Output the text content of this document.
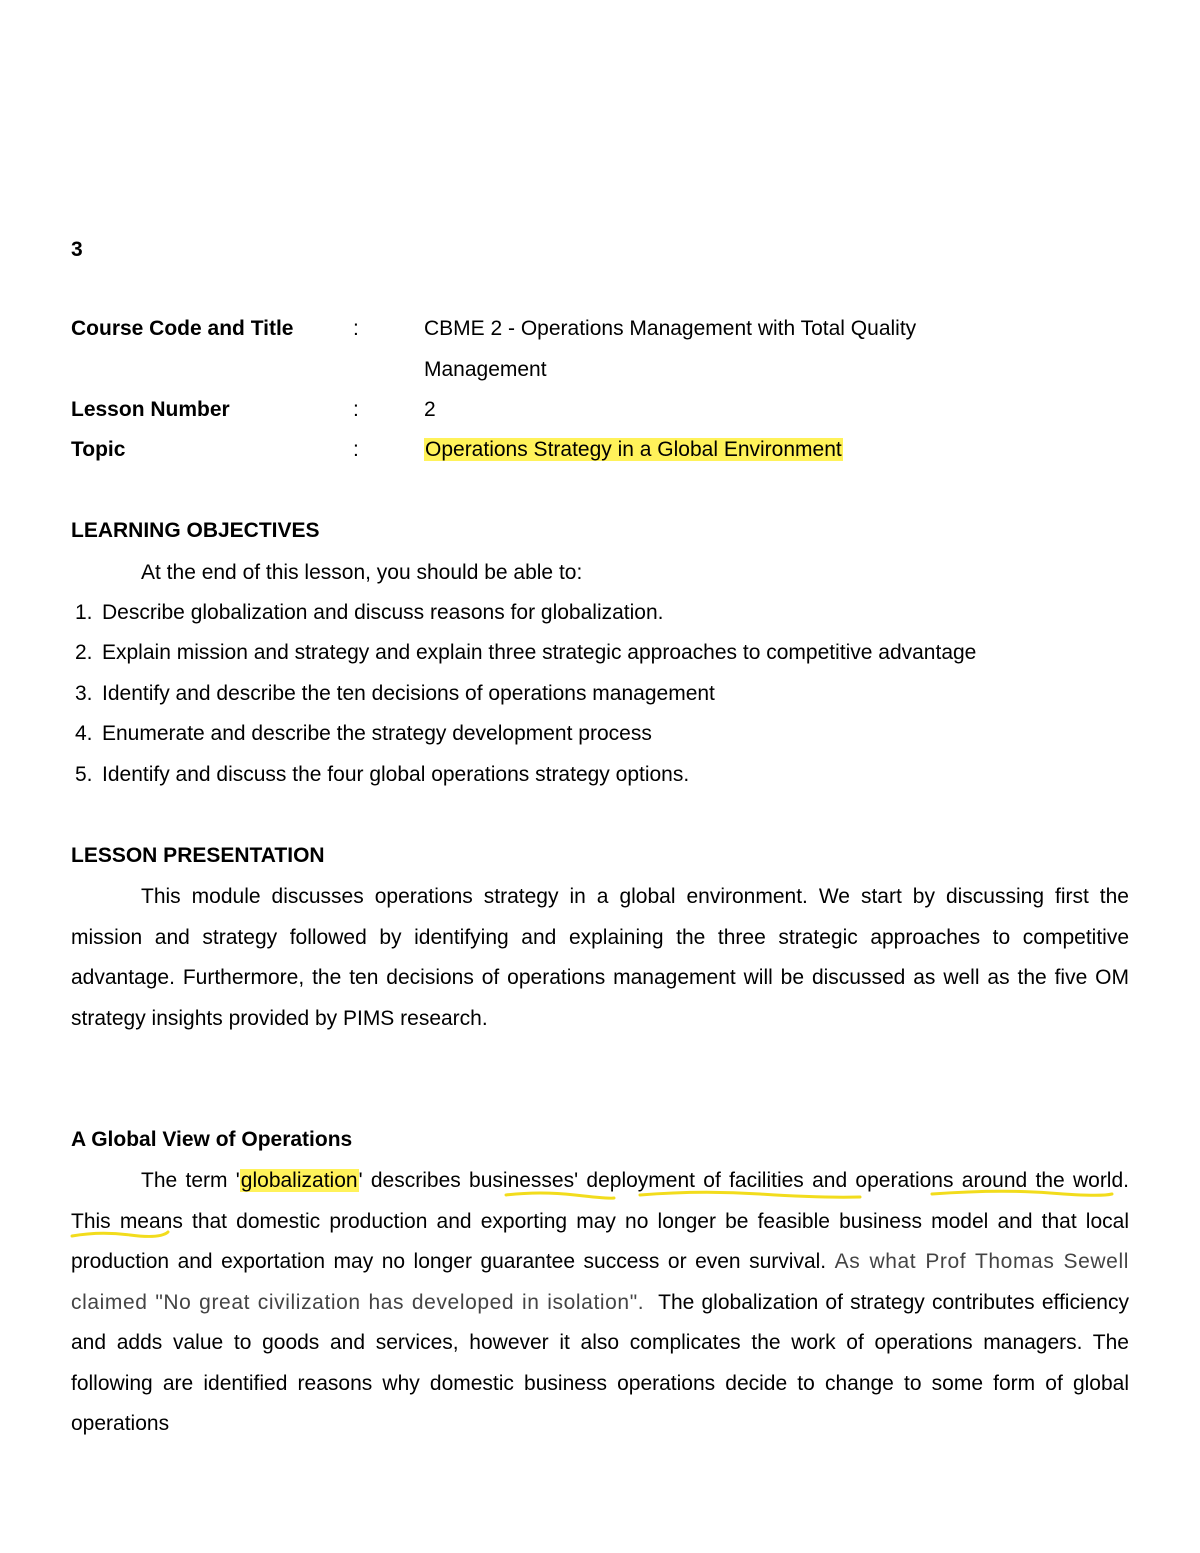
3
Course Code and Title	:	CBME 2 - Operations Management with Total Quality
Management
Lesson Number	:	2
Topic	:	Operations Strategy in a Global Environment
LEARNING OBJECTIVES
At the end of this lesson, you should be able to:
1. Describe globalization and discuss reasons for globalization.
2. Explain mission and strategy and explain three strategic approaches to competitive advantage
3. Identify and describe the ten decisions of operations management
4. Enumerate and describe the strategy development process
5. Identify and discuss the four global operations strategy options.
LESSON PRESENTATION

This module discusses operations strategy in a global environment. We start by discussing first the mission and strategy followed by identifying and explaining the three strategic approaches to competitive advantage. Furthermore, the ten decisions of operations management will be discussed as well as the five OM strategy insights provided by PIMS research.

A Global View of Operations

The term 'globalization' describes businesses' deployment of facilities and operations around the world. This means that domestic production and exporting may no longer be feasible business model and that local production and exportation may no longer guarantee success or even survival. As what Prof Thomas Sewell claimed "No great civilization has developed in isolation". The globalization of strategy contributes efficiency and adds value to goods and services, however it also complicates the work of operations managers. The following are identified reasons why domestic business operations decide to change to some form of global operations
